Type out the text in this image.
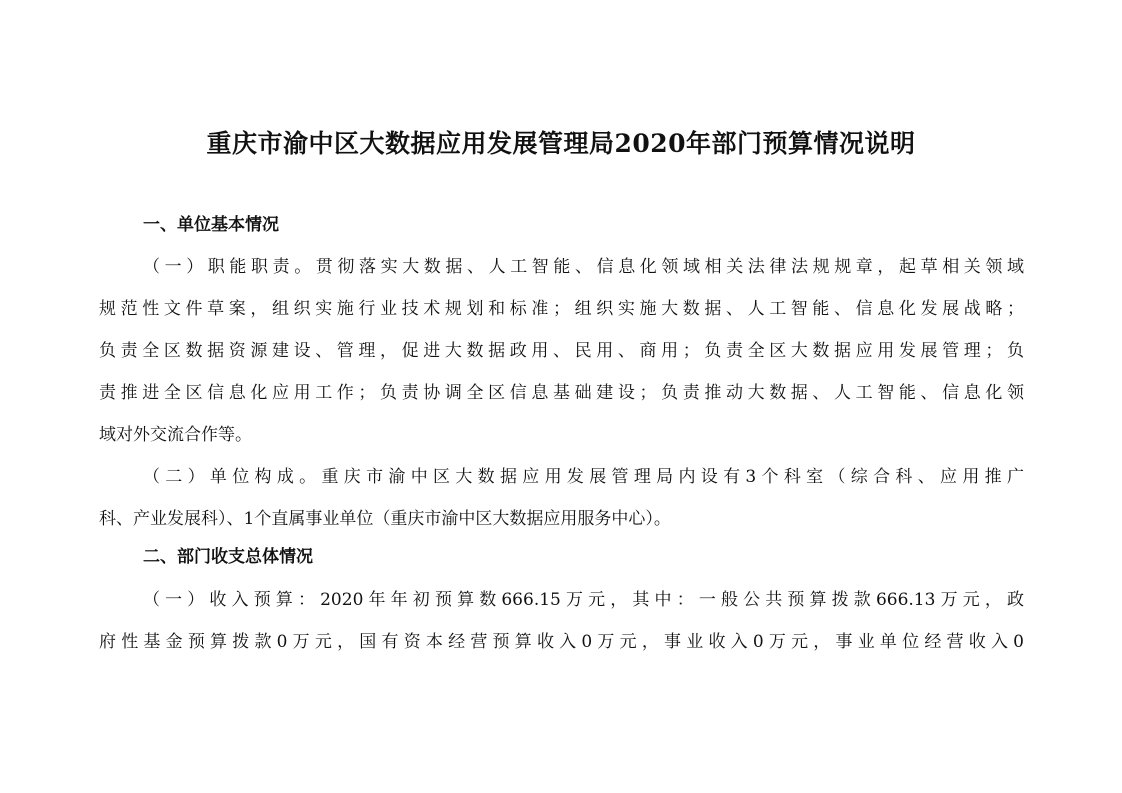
重庆市渝中区大数据应用发展管理局2020年部门预算情况说明
一、单位基本情况
（一）职能职责。贯彻落实大数据、人工智能、信息化领域相关法律法规规章，起草相关领域
规范性文件草案，组织实施行业技术规划和标准；组织实施大数据、人工智能、信息化发展战略；
负责全区数据资源建设、管理，促进大数据政用、民用、商用；负责全区大数据应用发展管理；负
责推进全区信息化应用工作；负责协调全区信息基础建设；负责推动大数据、人工智能、信息化领
域对外交流合作等。
（二）单位构成。重庆市渝中区大数据应用发展管理局内设有3个科室（综合科、应用推广
科、产业发展科）、1个直属事业单位（重庆市渝中区大数据应用服务中心）。
二、部门收支总体情况
（一）收入预算：2020年年初预算数666.15万元，其中：一般公共预算拨款666.13万元，政
府性基金预算拨款0万元，国有资本经营预算收入0万元，事业收入0万元，事业单位经营收入0
